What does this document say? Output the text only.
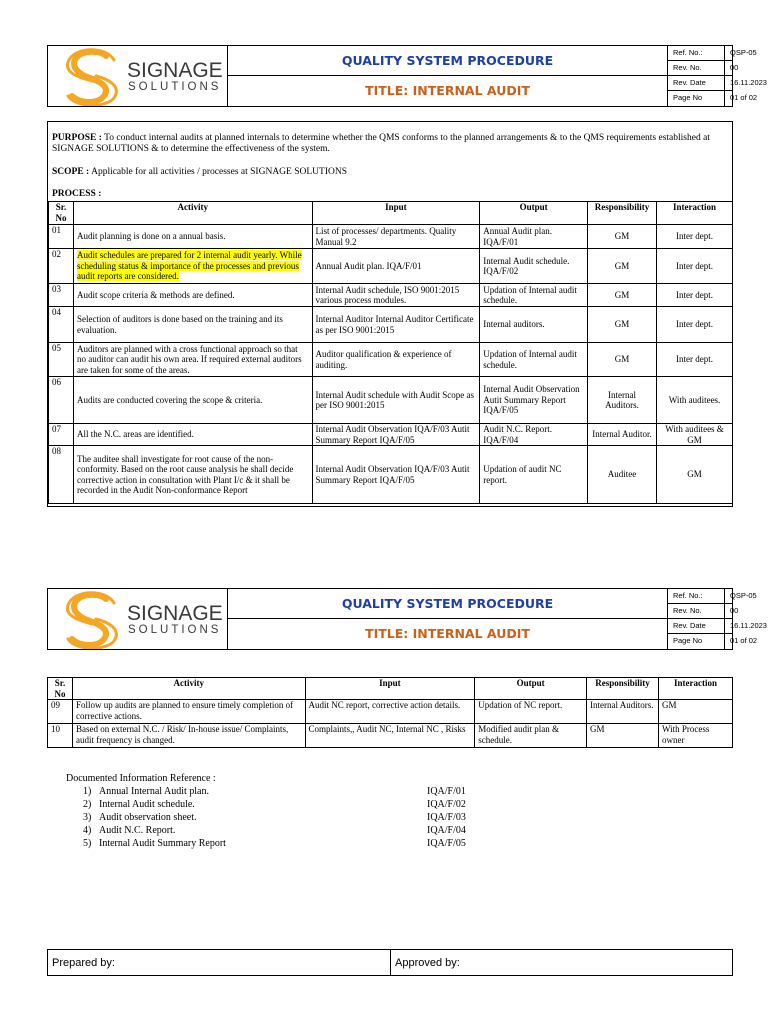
SIGNAGE
SOLUTIONS
QUALITY SYSTEM PROCEDURE
TITLE: INTERNAL AUDIT
Ref. No.:	QSP-05
Rev. No.	00
Rev. Date	16.11.2023
Page No	01 of 02
PURPOSE : To conduct internal audits at planned internals to determine whether the QMS conforms to the planned arrangements & to the QMS requirements established at SIGNAGE SOLUTIONS & to determine the effectiveness of the system.
SCOPE : Applicable for all activities / processes at SIGNAGE SOLUTIONS
PROCESS :
Sr. No	Activity	Input	Output	Responsibility	Interaction
01	Audit planning is done on a annual basis.	List of processes/ departments. Quality Manual 9.2	Annual Audit plan. IQA/F/01	GM	Inter dept.
02	Audit schedules are prepared for 2 internal audit yearly. While scheduling status & importance of the processes and previous audit reports are considered.	Annual Audit plan. IQA/F/01	Internal Audit schedule. IQA/F/02	GM	Inter dept.
03	Audit scope criteria & methods are defined.	Internal Audit schedule, ISO 9001:2015 various process modules.	Updation of Internal audit schedule.	GM	Inter dept.
04	Selection of auditors is done based on the training and its evaluation.	Internal Auditor Internal Auditor Certificate as per ISO 9001:2015	Internal auditors.	GM	Inter dept.
05	Auditors are planned with a cross functional approach so that no auditor can audit his own area. If required external auditors are taken for some of the areas.	Auditor qualification & experience of auditing.	Updation of Internal audit schedule.	GM	Inter dept.
06	Audits are conducted covering the scope & criteria.	Internal Audit schedule with Audit Scope as per ISO 9001:2015	Internal Audit Observation Autit Summary Report IQA/F/05	Internal Auditors.	With auditees.
07	All the N.C. areas are identified.	Internal Audit Observation IQA/F/03 Autit Summary Report IQA/F/05	Audit N.C. Report. IQA/F/04	Internal Auditor.	With auditees & GM
08	The auditee shall investigate for root cause of the non-conformity. Based on the root cause analysis he shall decide corrective action in consultation with Plant I/c & it shall be recorded in the Audit Non-conformance Report	Internal Audit Observation IQA/F/03 Autit Summary Report IQA/F/05	Updation of audit NC report.	Auditee	GM
SIGNAGE
SOLUTIONS
QUALITY SYSTEM PROCEDURE
TITLE: INTERNAL AUDIT
Ref. No.:	QSP-05
Rev. No.	00
Rev. Date	16.11.2023
Page No	01 of 02
Sr. No	Activity	Input	Output	Responsibility	Interaction
09	Follow up audits are planned to ensure timely completion of corrective actions.	Audit NC report, corrective action details.	Updation of NC report.	Internal Auditors.	GM
10	Based on external N.C. / Risk/ In-house issue/ Complaints, audit frequency is changed.	Complaints,, Audit NC, Internal NC , Risks	Modified audit plan & schedule.	GM	With Process owner
Documented Information Reference :
1) Annual Internal Audit plan.	IQA/F/01
2) Internal Audit schedule.	IQA/F/02
3) Audit observation sheet.	IQA/F/03
4) Audit N.C. Report.	IQA/F/04
5) Internal Audit Summary Report	IQA/F/05
Prepared by:	Approved by:
